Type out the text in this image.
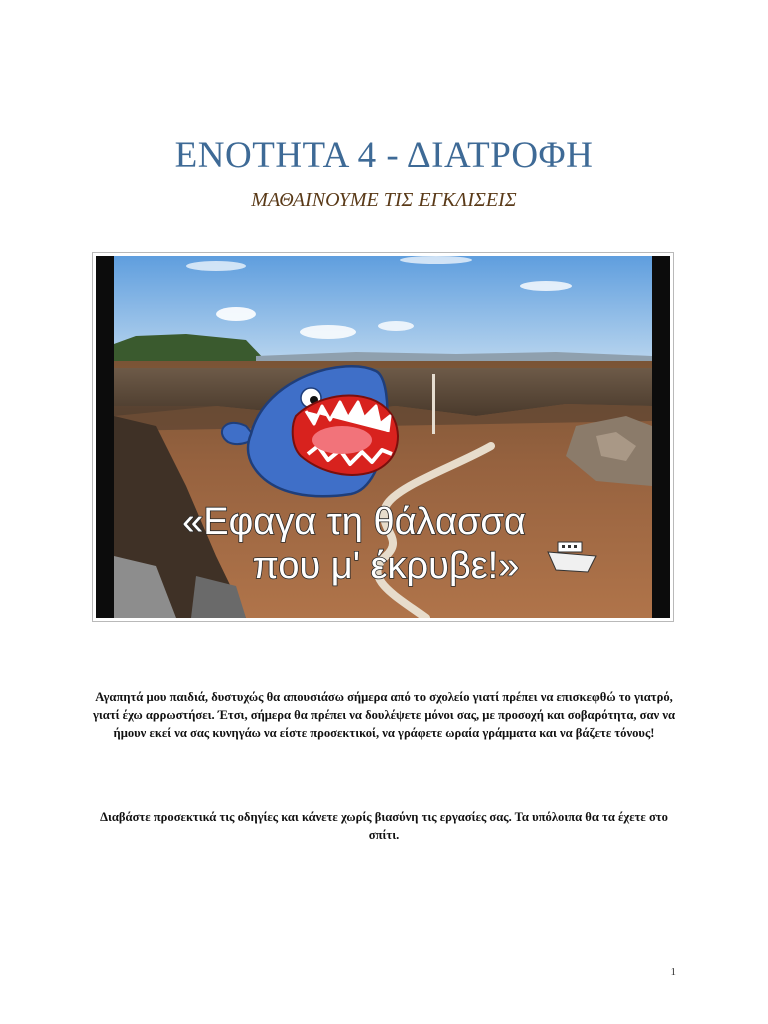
ΕΝΟΤΗΤΑ 4 - ΔΙΑΤΡΟΦΗ
ΜΑΘΑΙΝΟΥΜΕ ΤΙΣ ΕΓΚΛΙΣΕΙΣ
«Εφαγα τη θάλασσα
που μ' έκρυβε!»
Αγαπητά μου παιδιά, δυστυχώς θα απουσιάσω σήμερα από το σχολείο γιατί πρέπει να επισκεφθώ το γιατρό, γιατί έχω αρρωστήσει. Έτσι, σήμερα θα πρέπει να δουλέψετε μόνοι σας, με προσοχή και σοβαρότητα, σαν να ήμουν εκεί να σας κυνηγάω να είστε προσεκτικοί, να γράφετε ωραία γράμματα και να βάζετε τόνους!
Διαβάστε προσεκτικά τις οδηγίες και κάνετε χωρίς βιασύνη τις εργασίες σας. Τα υπόλοιπα θα τα έχετε στο σπίτι.
1
